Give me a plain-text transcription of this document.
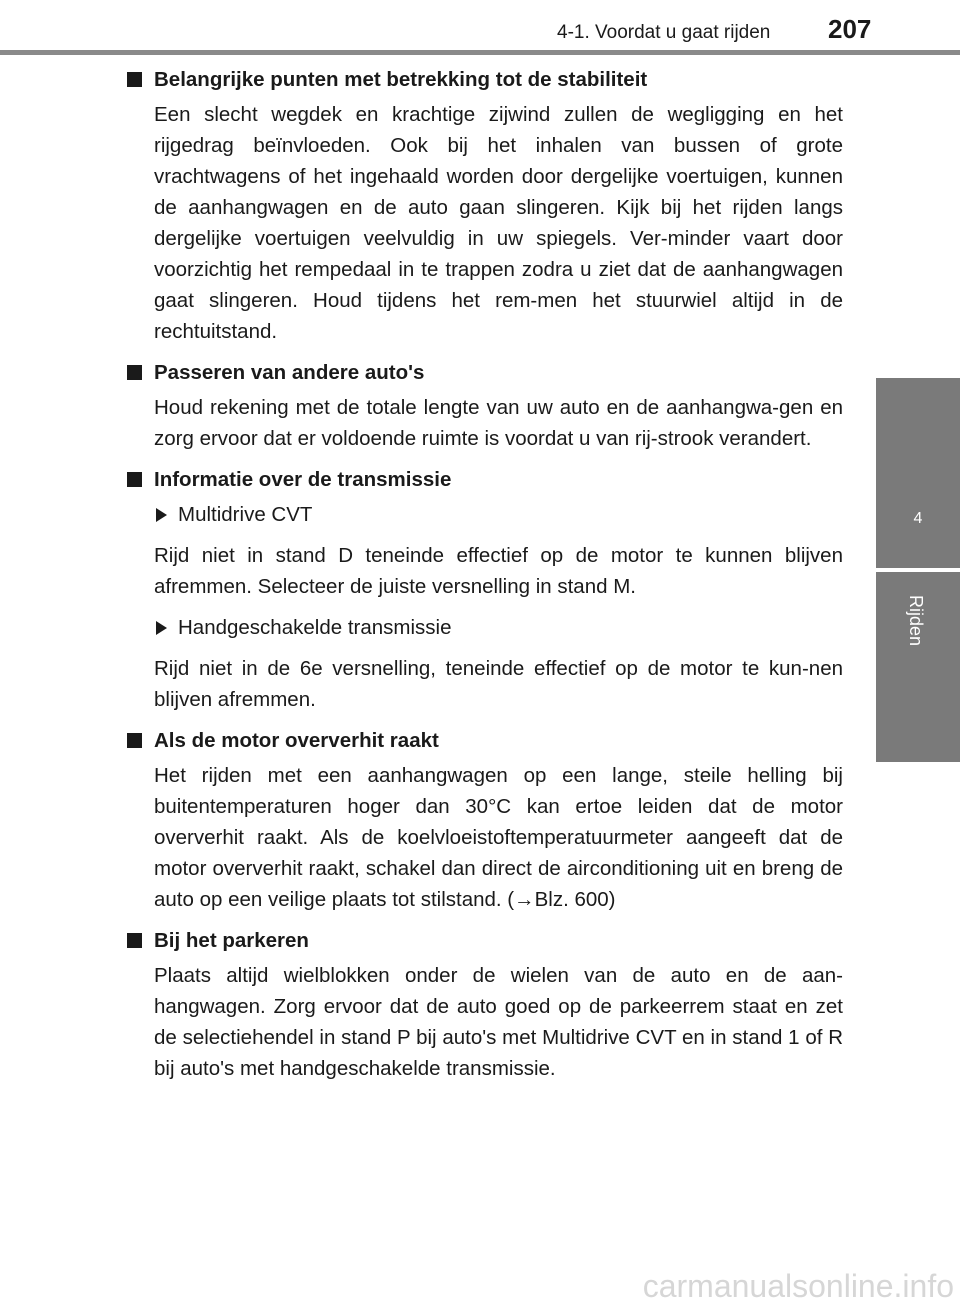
4-1. Voordat u gaat rijden 207
4
Rijden
Belangrijke punten met betrekking tot de stabiliteit
Een slecht wegdek en krachtige zijwind zullen de wegligging en het rijgedrag beïnvloeden. Ook bij het inhalen van bussen of grote vrachtwagens of het ingehaald worden door dergelijke voertuigen, kunnen de aanhangwagen en de auto gaan slingeren. Kijk bij het rijden langs dergelijke voertuigen veelvuldig in uw spiegels. Ver-minder vaart door voorzichtig het rempedaal in te trappen zodra u ziet dat de aanhangwagen gaat slingeren. Houd tijdens het rem-men het stuurwiel altijd in de rechtuitstand.
Passeren van andere auto's
Houd rekening met de totale lengte van uw auto en de aanhangwa-gen en zorg ervoor dat er voldoende ruimte is voordat u van rij-strook verandert.
Informatie over de transmissie
Multidrive CVT
Rijd niet in stand D teneinde effectief op de motor te kunnen blijven afremmen. Selecteer de juiste versnelling in stand M.
Handgeschakelde transmissie
Rijd niet in de 6e versnelling, teneinde effectief op de motor te kun-nen blijven afremmen.
Als de motor oververhit raakt
Het rijden met een aanhangwagen op een lange, steile helling bij buitentemperaturen hoger dan 30°C kan ertoe leiden dat de motor oververhit raakt. Als de koelvloeistoftemperatuurmeter aangeeft dat de motor oververhit raakt, schakel dan direct de airconditioning uit en breng de auto op een veilige plaats tot stilstand. (→Blz. 600)
Bij het parkeren
Plaats altijd wielblokken onder de wielen van de auto en de aan-hangwagen. Zorg ervoor dat de auto goed op de parkeerrem staat en zet de selectiehendel in stand P bij auto's met Multidrive CVT en in stand 1 of R bij auto's met handgeschakelde transmissie.
carmanualsonline.info
